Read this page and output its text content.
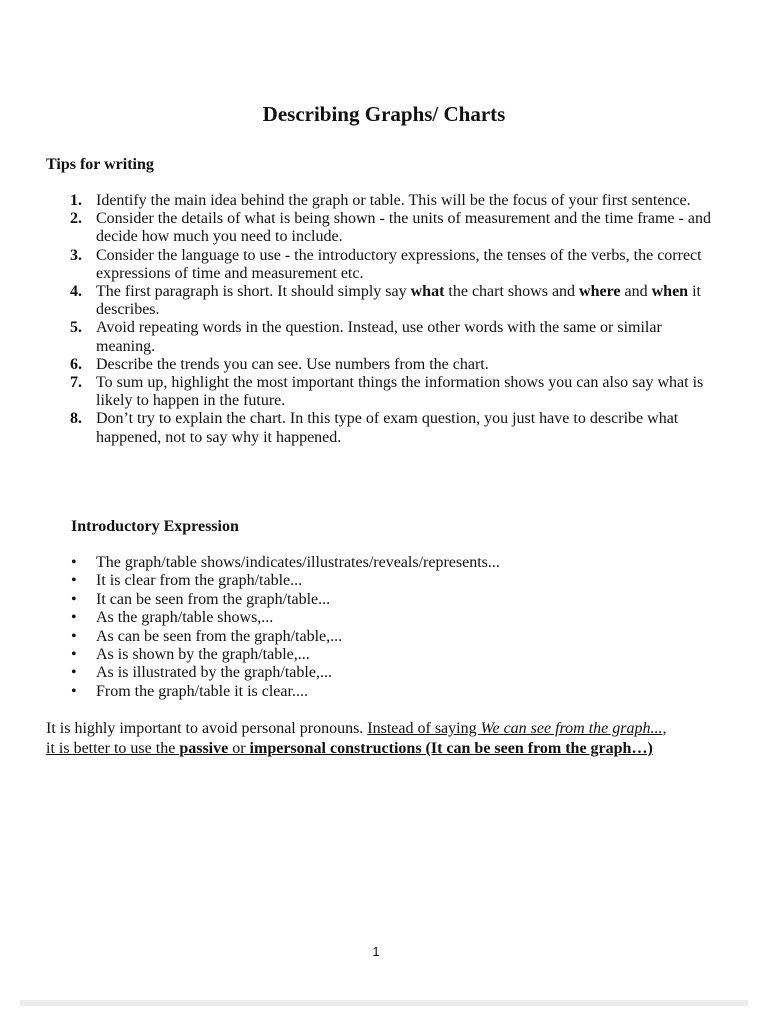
Describing Graphs/ Charts

Tips for writing

1. Identify the main idea behind the graph or table. This will be the focus of your first sentence.
2. Consider the details of what is being shown - the units of measurement and the time frame - and decide how much you need to include.
3. Consider the language to use - the introductory expressions, the tenses of the verbs, the correct expressions of time and measurement etc.
4. The first paragraph is short. It should simply say what the chart shows and where and when it describes.
5. Avoid repeating words in the question. Instead, use other words with the same or similar meaning.
6. Describe the trends you can see. Use numbers from the chart.
7. To sum up, highlight the most important things the information shows you can also say what is likely to happen in the future.
8. Don’t try to explain the chart. In this type of exam question, you just have to describe what happened, not to say why it happened.

Introductory Expression

• The graph/table shows/indicates/illustrates/reveals/represents...
• It is clear from the graph/table...
• It can be seen from the graph/table...
• As the graph/table shows,...
• As can be seen from the graph/table,...
• As is shown by the graph/table,...
• As is illustrated by the graph/table,...
• From the graph/table it is clear....

It is highly important to avoid personal pronouns. Instead of saying We can see from the graph...,
it is better to use the passive or impersonal constructions (It can be seen from the graph…)

1
